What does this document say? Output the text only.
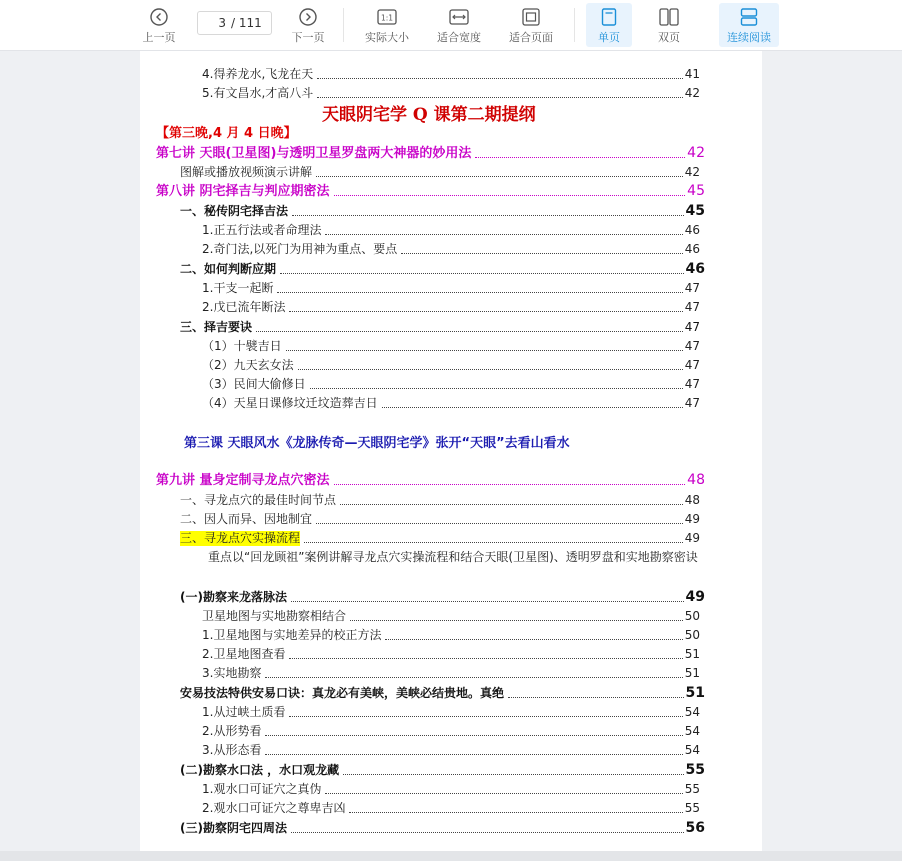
上一页
3 / 111
下一页
1:1
实际大小	适合宽度	适合页面	单页	双页	连续阅读
4.得养龙水,飞龙在天	41
5.有文昌水,才高八斗	42
天眼阴宅学 Q 课第二期提纲
【第三晚,4 月 4 日晚】
第七讲 天眼(卫星图)与透明卫星罗盘两大神器的妙用法	42
图解或播放视频演示讲解	42
第八讲 阴宅择吉与判应期密法	45
一、秘传阴宅择吉法	45
1.正五行法或者命理法	46
2.奇门法,以死门为用神为重点、要点	46
二、如何判断应期	46
1.干支一起断	47
2.戊已流年断法	47
三、择吉要诀	47
（1）十襞吉日	47
（2）九天玄女法	47
（3）民间大偷修日	47
（4）天星日课修坟迁坟造葬吉日	47
第三课 天眼风水《龙脉传奇—天眼阴宅学》张开“天眼”去看山看水
第九讲 量身定制寻龙点穴密法	48
一、寻龙点穴的最佳时间节点	48
二、因人而异、因地制宜	49
三、寻龙点穴实操流程	49
重点以“回龙顾祖”案例讲解寻龙点穴实操流程和结合天眼(卫星图)、透明罗盘和实地勘察密诀
(一)勘察来龙落脉法	49
卫星地图与实地勘察相结合	50
1.卫星地图与实地差异的校正方法	50
2.卫星地图查看	51
3.实地勘察	51
安易技法特供安易口诀：真龙必有美峡，美峡必结贵地。真绝	51
1.从过峡土质看	54
2.从形势看	54
3.从形态看	54
(二)勘察水口法 ，水口观龙藏	55
1.观水口可证穴之真伪	55
2.观水口可证穴之尊卑吉凶	55
(三)勘察阴宅四周法	56
